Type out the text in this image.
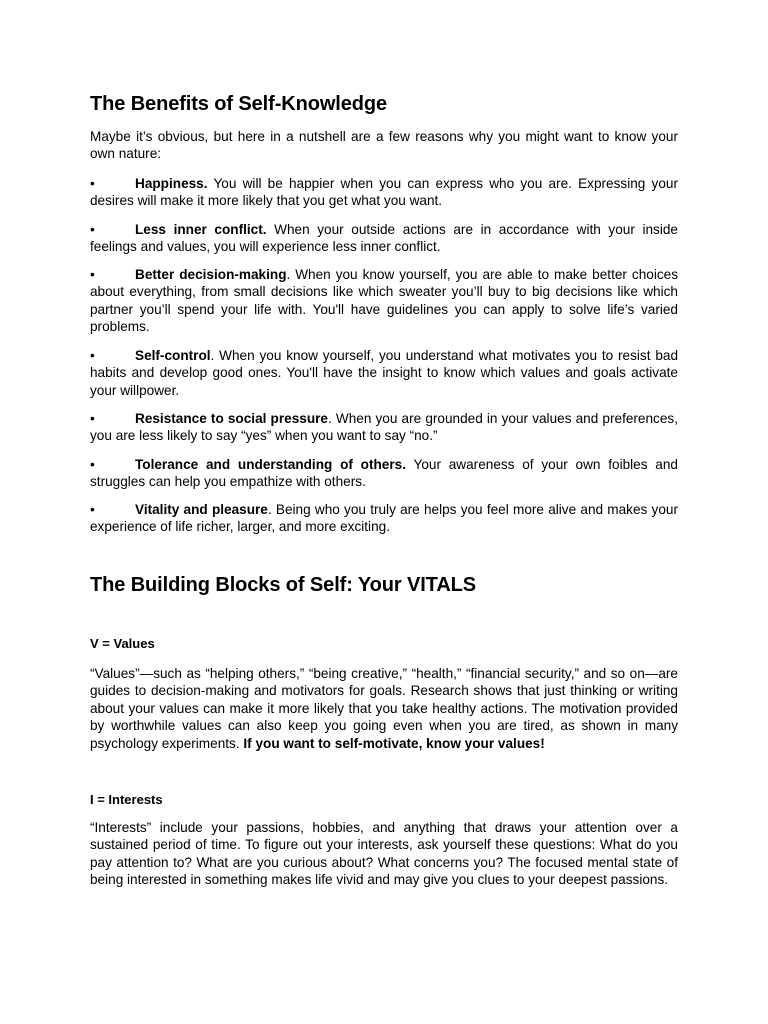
The Benefits of Self-Knowledge

Maybe it’s obvious, but here in a nutshell are a few reasons why you might want to know your own nature:

•	Happiness. You will be happier when you can express who you are. Expressing your desires will make it more likely that you get what you want.

•	Less inner conflict. When your outside actions are in accordance with your inside feelings and values, you will experience less inner conflict.

•	Better decision-making. When you know yourself, you are able to make better choices about everything, from small decisions like which sweater you’ll buy to big decisions like which partner you’ll spend your life with. You'll have guidelines you can apply to solve life’s varied problems.

•	Self-control. When you know yourself, you understand what motivates you to resist bad habits and develop good ones. You'll have the insight to know which values and goals activate your willpower.

•	Resistance to social pressure. When you are grounded in your values and preferences, you are less likely to say “yes” when you want to say “no.”

•	Tolerance and understanding of others. Your awareness of your own foibles and struggles can help you empathize with others.

•	Vitality and pleasure. Being who you truly are helps you feel more alive and makes your experience of life richer, larger, and more exciting.

The Building Blocks of Self: Your VITALS
V = Values

“Values”—such as “helping others,” “being creative,” “health,” “financial security,” and so on—are guides to decision-making and motivators for goals. Research shows that just thinking or writing about your values can make it more likely that you take healthy actions. The motivation provided by worthwhile values can also keep you going even when you are tired, as shown in many psychology experiments. If you want to self-motivate, know your values!

I = Interests

“Interests” include your passions, hobbies, and anything that draws your attention over a sustained period of time. To figure out your interests, ask yourself these questions: What do you pay attention to? What are you curious about? What concerns you? The focused mental state of being interested in something makes life vivid and may give you clues to your deepest passions.
